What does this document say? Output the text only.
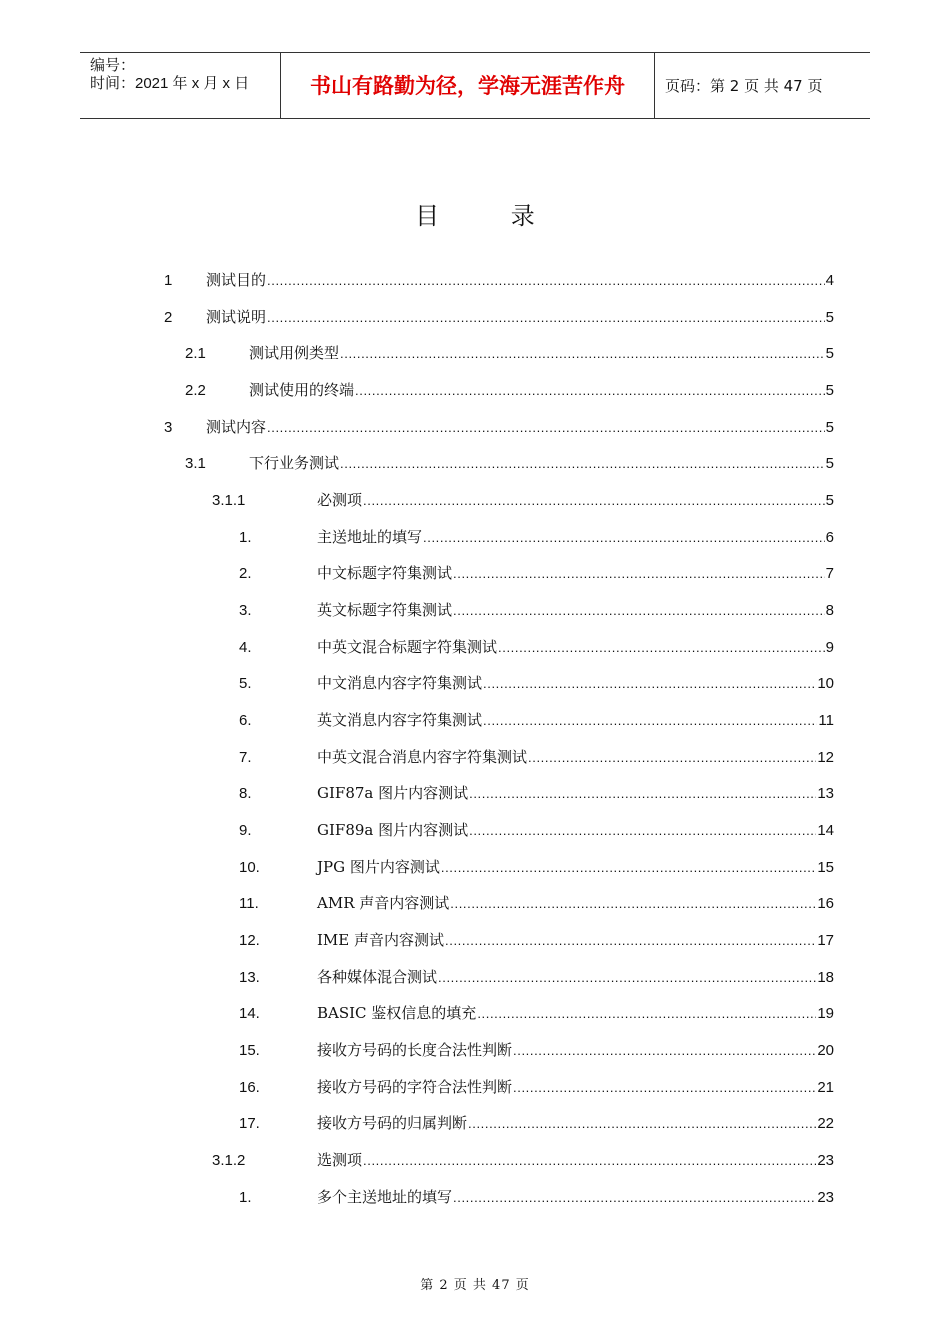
编号：
时间：2021 年 x 月 x 日	书山有路勤为径，学海无涯苦作舟	页码：第 2 页 共 47 页
目 录
1	测试目的 .....	4
2	测试说明 .....	5
2.1	测试用例类型 .....	5
2.2	测试使用的终端 .....	5
3	测试内容 .....	5
3.1	下行业务测试 .....	5
3.1.1	必测项 .....	5
1.	主送地址的填写 .....	6
2.	中文标题字符集测试 .....	7
3.	英文标题字符集测试 .....	8
4.	中英文混合标题字符集测试 .....	9
5.	中文消息内容字符集测试 .....	10
6.	英文消息内容字符集测试 .....	11
7.	中英文混合消息内容字符集测试 .....	12
8.	GIF87a 图片内容测试 .....	13
9.	GIF89a 图片内容测试 .....	14
10.	JPG 图片内容测试 .....	15
11.	AMR 声音内容测试 .....	16
12.	IME 声音内容测试 .....	17
13.	各种媒体混合测试 .....	18
14.	BASIC 鉴权信息的填充 .....	19
15.	接收方号码的长度合法性判断 .....	20
16.	接收方号码的字符合法性判断 .....	21
17.	接收方号码的归属判断 .....	22
3.1.2	选测项 .....	23
1.	多个主送地址的填写 .....	23
第 2 页 共 47 页
